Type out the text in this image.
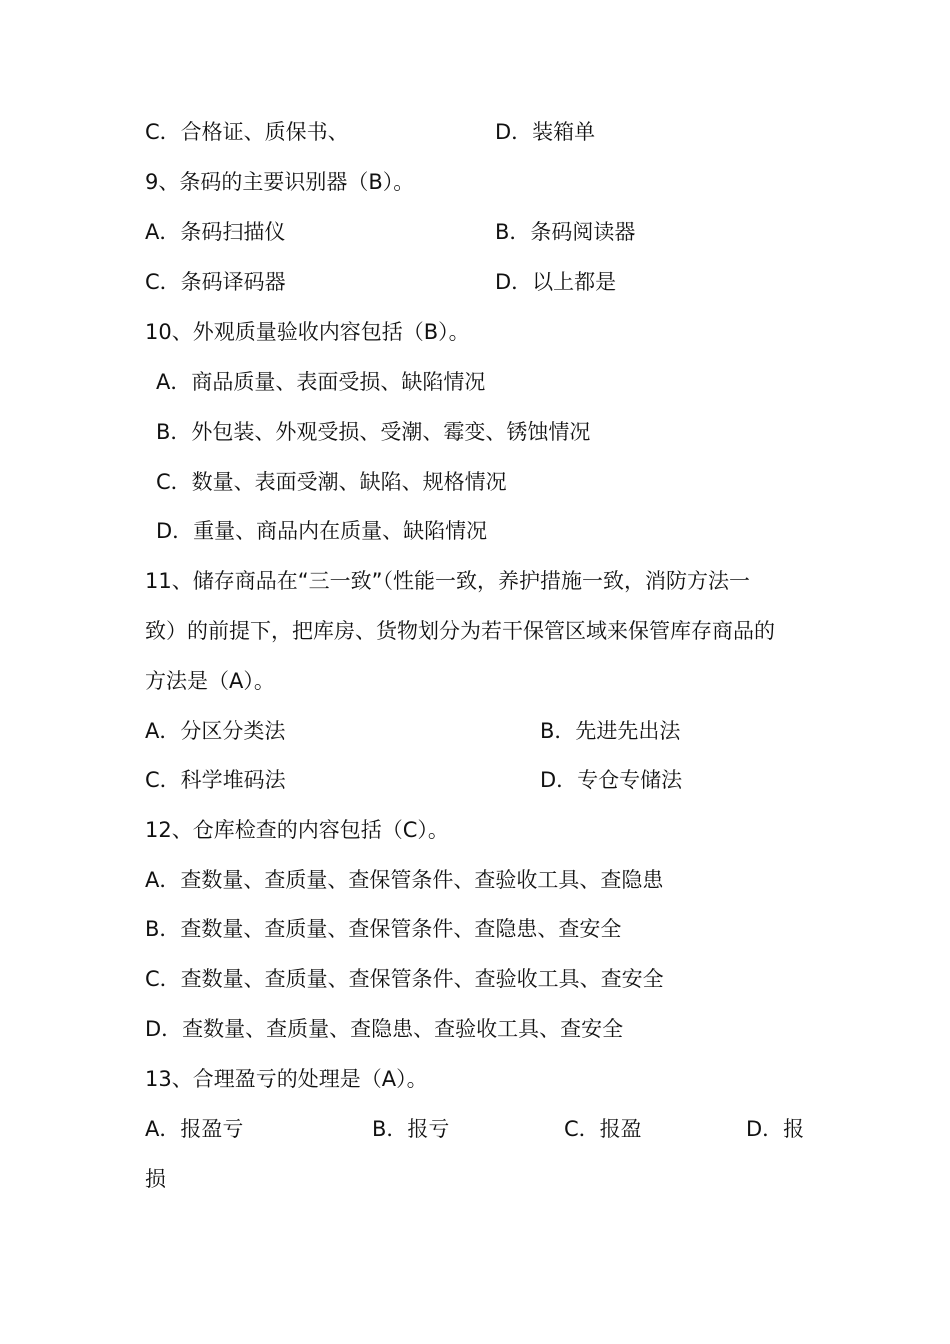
C．合格证、质保书、	D．装箱单
9、条码的主要识别器（B）。
A．条码扫描仪	B．条码阅读器
C．条码译码器	D．以上都是
10、外观质量验收内容包括（B）。
A．商品质量、表面受损、缺陷情况
B．外包装、外观受损、受潮、霉变、锈蚀情况
C．数量、表面受潮、缺陷、规格情况
D．重量、商品内在质量、缺陷情况
11、储存商品在“三一致”（性能一致，养护措施一致，消防方法一
致）的前提下，把库房、货物划分为若干保管区域来保管库存商品的
方法是（A）。
A．分区分类法	B．先进先出法
C．科学堆码法	D．专仓专储法
12、仓库检查的内容包括（C）。
A．查数量、查质量、查保管条件、查验收工具、查隐患
B．查数量、查质量、查保管条件、查隐患、查安全
C．查数量、查质量、查保管条件、查验收工具、查安全
D．查数量、查质量、查隐患、查验收工具、查安全
13、合理盈亏的处理是（A）。
A．报盈亏	B．报亏	C．报盈	D．报
损
